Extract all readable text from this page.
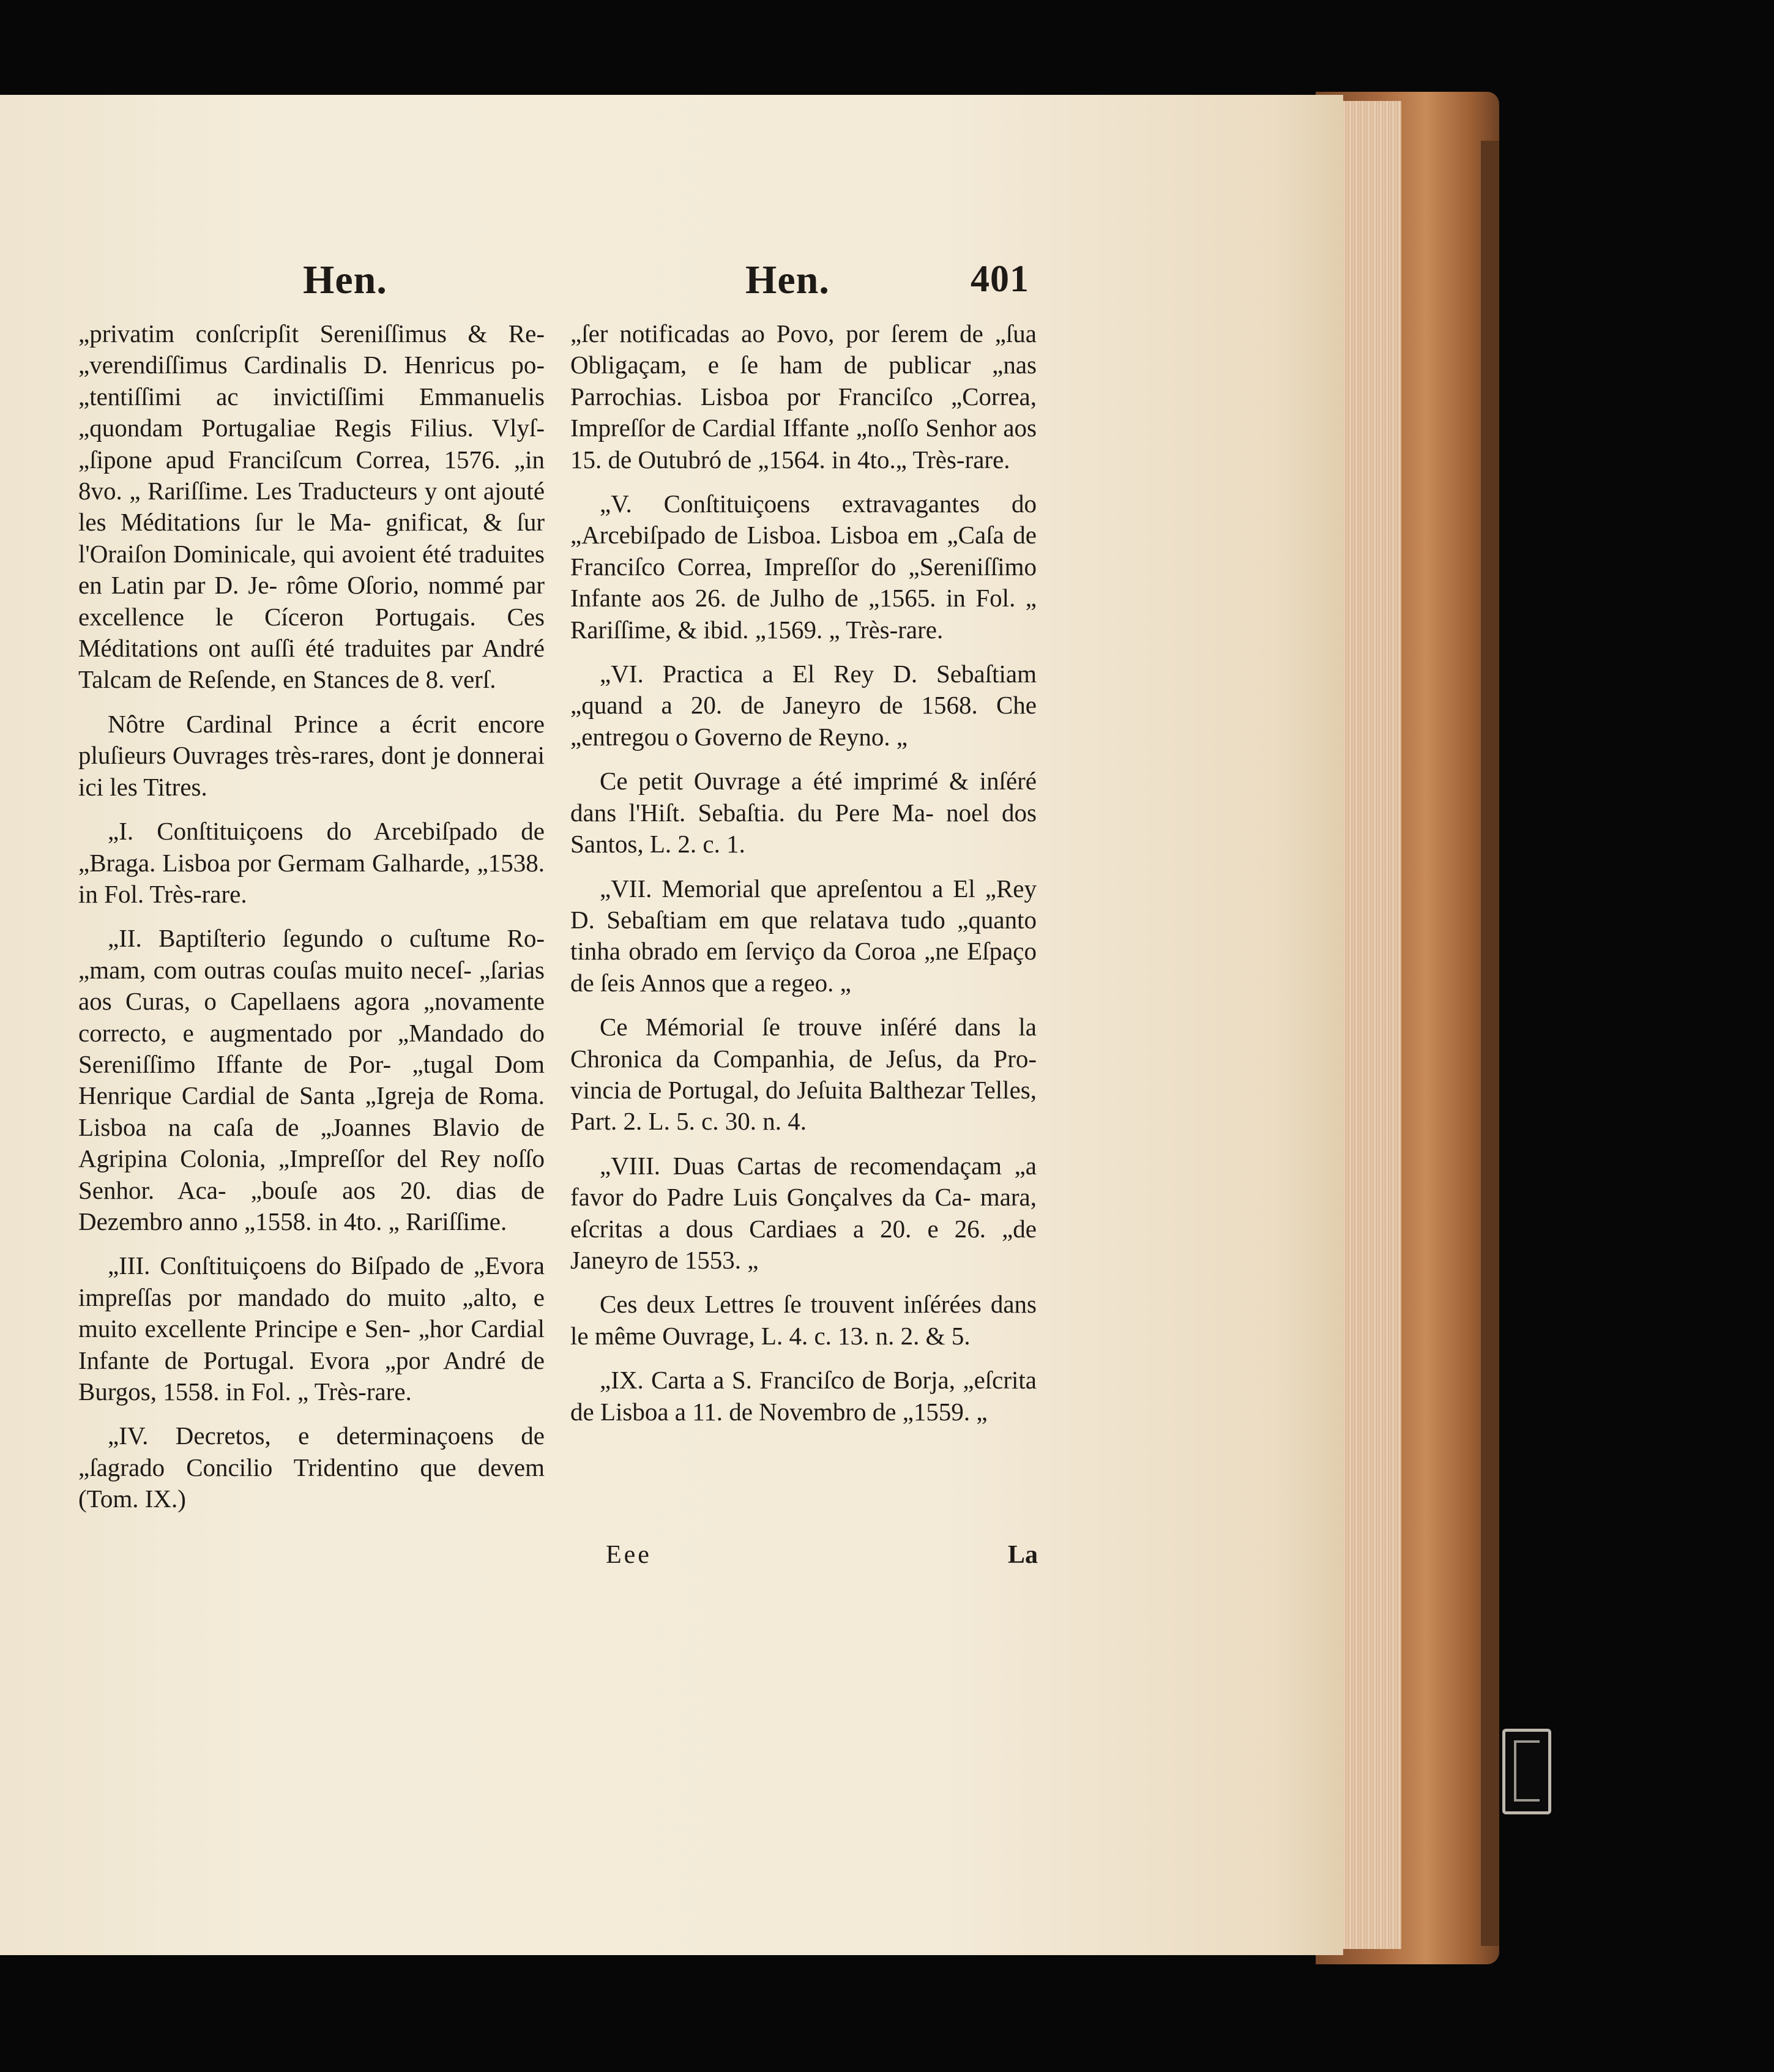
Hen.	Hen.	401

„privatim conſcripſit Sereniſſimus & Re- „verendiſſimus Cardinalis D. Henricus po- „tentiſſimi ac invictiſſimi Emmanuelis „quondam Portugaliae Regis Filius. Vlyſ- „ſipone apud Franciſcum Correa, 1576. „in 8vo. „ Rariſſime. Les Traducteurs y ont ajouté les Méditations ſur le Ma- gnificat, & ſur l'Oraiſon Dominicale, qui avoient été traduites en Latin par D. Je- rôme Oſorio, nommé par excellence le Cíceron Portugais. Ces Méditations ont auſſi été traduites par André Talcam de Reſende, en Stances de 8. verſ.

Nôtre Cardinal Prince a écrit encore pluſieurs Ouvrages très-rares, dont je donnerai ici les Titres.

„I. Conſtituiçoens do Arcebiſpado de „Braga. Lisboa por Germam Galharde, „1538. in Fol. Très-rare.

„II. Baptiſterio ſegundo o cuſtume Ro- „mam, com outras couſas muito neceſ- „ſarias aos Curas, o Capellaens agora „novamente correcto, e augmentado por „Mandado do Sereniſſimo Iffante de Por- „tugal Dom Henrique Cardial de Santa „Igreja de Roma. Lisboa na caſa de „Joannes Blavio de Agripina Colonia, „Impreſſor del Rey noſſo Senhor. Aca- „bouſe aos 20. dias de Dezembro anno „1558. in 4to. „ Rariſſime.

„III. Conſtituiçoens do Biſpado de „Evora impreſſas por mandado do muito „alto, e muito excellente Principe e Sen- „hor Cardial Infante de Portugal. Evora „por André de Burgos, 1558. in Fol. „ Très-rare.

„IV. Decretos, e determinaçoens de „ſagrado Concilio Tridentino que devem (Tom. IX.)

„ſer notificadas ao Povo, por ſerem de „ſua Obligaçam, e ſe ham de publicar „nas Parrochias. Lisboa por Franciſco „Correa, Impreſſor de Cardial Iffante „noſſo Senhor aos 15. de Outubró de „1564. in 4to.„ Très-rare.

„V. Conſtituiçoens extravagantes do „Arcebiſpado de Lisboa. Lisboa em „Caſa de Franciſco Correa, Impreſſor do „Sereniſſimo Infante aos 26. de Julho de „1565. in Fol. „ Rariſſime, & ibid. „1569. „ Très-rare.

„VI. Practica a El Rey D. Sebaſtiam „quand a 20. de Janeyro de 1568. Che „entregou o Governo de Reyno. „

Ce petit Ouvrage a été imprimé & inſéré dans l'Hiſt. Sebaſtia. du Pere Ma- noel dos Santos, L. 2. c. 1.

„VII. Memorial que apreſentou a El „Rey D. Sebaſtiam em que relatava tudo „quanto tinha obrado em ſerviço da Coroa „ne Eſpaço de ſeis Annos que a regeo. „

Ce Mémorial ſe trouve inſéré dans la Chronica da Companhia, de Jeſus, da Pro- vincia de Portugal, do Jeſuita Balthezar Telles, Part. 2. L. 5. c. 30. n. 4.

„VIII. Duas Cartas de recomendaçam „a favor do Padre Luis Gonçalves da Ca- mara, eſcritas a dous Cardiaes a 20. e 26. „de Janeyro de 1553. „

Ces deux Lettres ſe trouvent inſérées dans le même Ouvrage, L. 4. c. 13. n. 2. & 5.

„IX. Carta a S. Franciſco de Borja, „eſcrita de Lisboa a 11. de Novembro de „1559. „

Eee	La
